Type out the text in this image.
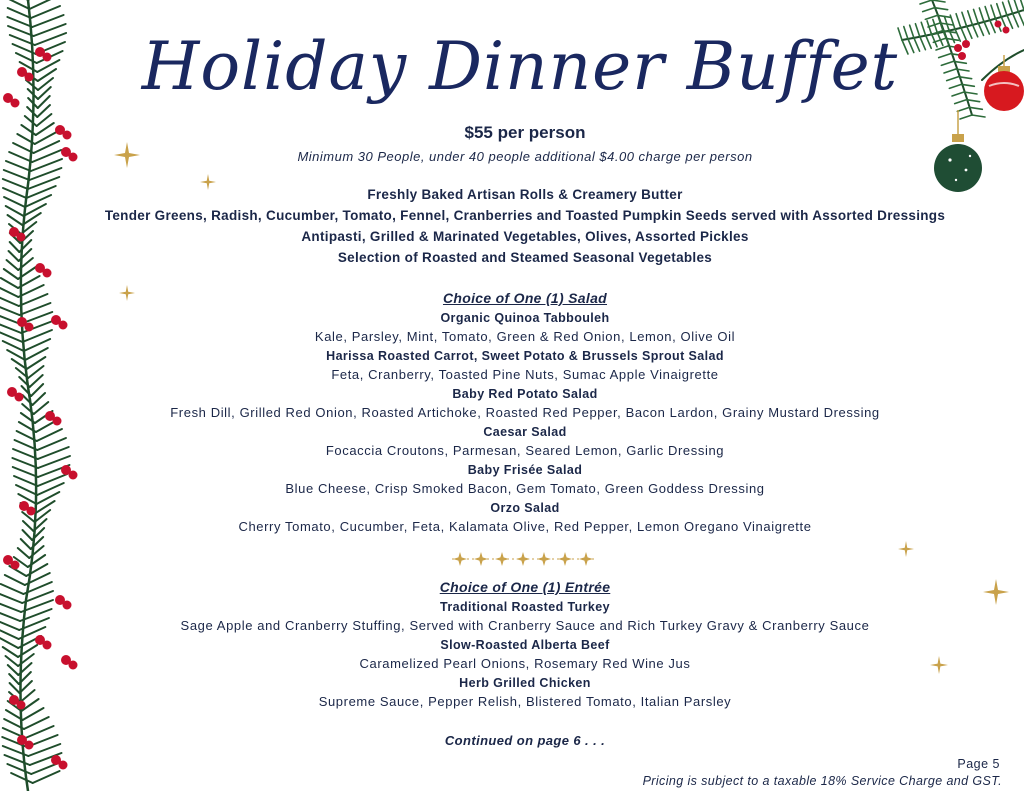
Holiday Dinner Buffet
$55 per person
Minimum 30 People, under 40 people additional $4.00 charge per person
Freshly Baked Artisan Rolls & Creamery Butter
Tender Greens, Radish, Cucumber, Tomato, Fennel, Cranberries and Toasted Pumpkin Seeds served with Assorted Dressings
Antipasti, Grilled & Marinated Vegetables, Olives, Assorted Pickles
Selection of Roasted and Steamed Seasonal Vegetables
Choice of One (1) Salad
Organic Quinoa Tabbouleh
Kale, Parsley, Mint, Tomato, Green & Red Onion, Lemon, Olive Oil
Harissa Roasted Carrot, Sweet Potato & Brussels Sprout Salad
Feta, Cranberry, Toasted Pine Nuts, Sumac Apple Vinaigrette
Baby Red Potato Salad
Fresh Dill, Grilled Red Onion, Roasted Artichoke, Roasted Red Pepper, Bacon Lardon, Grainy Mustard Dressing
Caesar Salad
Focaccia Croutons, Parmesan, Seared Lemon, Garlic Dressing
Baby Frisée Salad
Blue Cheese, Crisp Smoked Bacon, Gem Tomato, Green Goddess Dressing
Orzo Salad
Cherry Tomato, Cucumber, Feta, Kalamata Olive, Red Pepper, Lemon Oregano Vinaigrette
Choice of One (1) Entrée
Traditional Roasted Turkey
Sage Apple and Cranberry Stuffing, Served with Cranberry Sauce and Rich Turkey Gravy & Cranberry Sauce
Slow-Roasted Alberta Beef
Caramelized Pearl Onions, Rosemary Red Wine Jus
Herb Grilled Chicken
Supreme Sauce, Pepper Relish, Blistered Tomato, Italian Parsley
Continued on page 6 . . .
Page 5
Pricing is subject to a taxable 18% Service Charge and GST.
